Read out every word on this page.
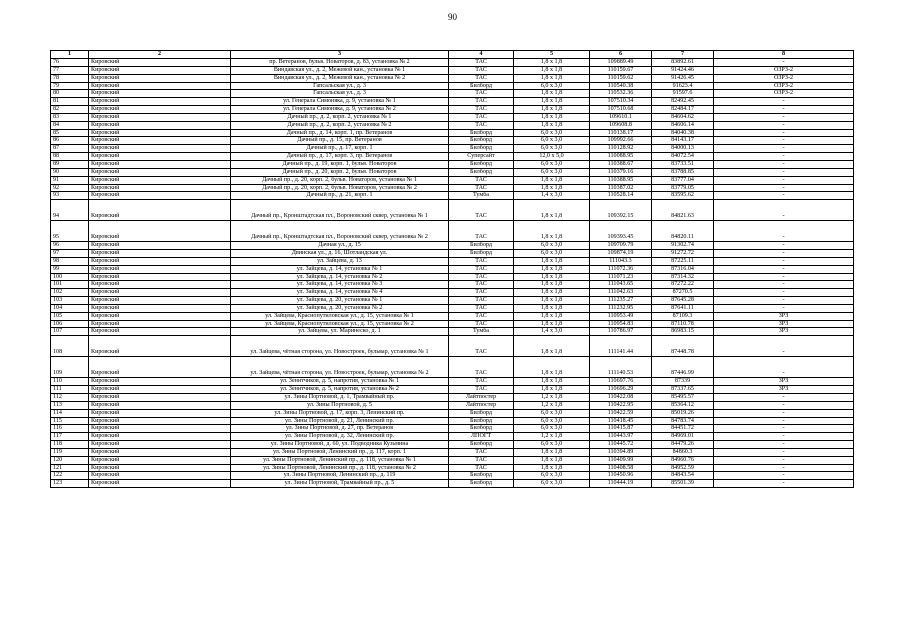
90
1	2	3	4	5	6	7	8
76	Кировский	пр. Ветеранов, бульв. Новаторов, д. 83, установка № 2	ТАС	1,8 x 1,8	109889.49	83892.61	-
77	Кировский	Виндавская ул., д. 2, Межевой кан., установка № 1	ТАС	1,8 x 1,8	110159.67	91424.46	ОЗРЗ-2
78	Кировский	Виндавская ул., д. 2, Межевой кан., установка № 2	ТАС	1,8 x 1,8	110159.62	91426.45	ОЗРЗ-2
79	Кировский	Гапсальская ул., д. 3	Билборд	6,0 x 3,0	110540.38	91623.4	ОЗРЗ-2
80	Кировский	Гапсальская ул., д. 3	ТАС	1,8 x 1,8	110532.36	91597.6	ОЗРЗ-2
81	Кировский	ул. Генерала Симоняка, д. 9, установка № 1	ТАС	1,8 x 1,8	107510.34	82492.45	-
82	Кировский	ул. Генерала Симоняка, д. 9, установка № 2	ТАС	1,8 x 1,8	107510.68	82484.17	-
83	Кировский	Дачный пр., д. 2, корп. 2, установка № 1	ТАС	1,8 x 1,8	109610.1	84604.62	-
84	Кировский	Дачный пр., д. 2, корп. 2, установка № 2	ТАС	1,8 x 1,8	109608.8	84606.14	-
85	Кировский	Дачный пр., д. 14, корп. 1, пр. Ветеранов	Билборд	6,0 x 3,0	110138.17	84040.38	-
86	Кировский	Дачный пр., д. 15, пр. Ветеранов	Билборд	6,0 x 3,0	109992.66	84143.17	-
87	Кировский	Дачный пр., д. 17, корп. 1	Билборд	6,0 x 3,0	110128.92	84000.13	-
88	Кировский	Дачный пр., д. 17, корп. 3, пр. Ветеранов	Суперсайт	12,0 x 5,0	110088.95	84072.54	-
89	Кировский	Дачный пр., д. 19, корп. 1, бульв. Новаторов	Билборд	6,0 x 3,0	110388.67	83733.51	-
90	Кировский	Дачный пр., д. 20, корп. 2, бульв. Новаторов	Билборд	6,0 x 3,0	110379.16	83788.85	-
91	Кировский	Дачный пр., д. 20, корп. 2, бульв. Новаторов, установка № 1	ТАС	1,8 x 1,8	110388.95	83777.04	-
92	Кировский	Дачный пр., д. 20, корп. 2, бульв. Новаторов, установка № 2	ТАС	1,8 x 1,8	110387.02	83779.05	-
93	Кировский	Дачный пр., д. 21, корп. 1	Тумба	1,4 x 3,0	110528.14	83595.62	-
94	Кировский	Дачный пр., Кронштадтская пл., Вороновский сквер, установка № 1	ТАС	1,8 x 1,8	109392.15	84821.63	-
95	Кировский	Дачный пр., Кронштадтская пл., Вороновский сквер, установка № 2	ТАС	1,8 x 1,8	109393.45	84820.11	-
96	Кировский	Дачная ул., д. 15	Билборд	6,0 x 3,0	109709.79	91302.74	-
97	Кировский	Двинская ул., д. 16, Шотландская ул.	Билборд	6,0 x 3,0	109874.19	91272.72	-
98	Кировский	ул. Зайцева, д. 13	ТАС	1,8 x 1,8	111043.3	87225.11	-
99	Кировский	ул. Зайцева, д. 14, установка № 1	ТАС	1,8 x 1,8	111072.36	87316.04	-
100	Кировский	ул. Зайцева, д. 14, установка № 2	ТАС	1,8 x 1,8	111071.23	87314.32	-
101	Кировский	ул. Зайцева, д. 14, установка № 3	ТАС	1,8 x 1,8	111043.65	87272.22	-
102	Кировский	ул. Зайцева, д. 14, установка № 4	ТАС	1,8 x 1,8	111042.63	87270.5	-
103	Кировский	ул. Зайцева, д. 20, установка № 1	ТАС	1,8 x 1,8	111235.27	87645.28	-
104	Кировский	ул. Зайцева, д. 20, установка № 2	ТАС	1,8 x 1,8	111232.95	87641.11	-
105	Кировский	ул. Зайцева, Краснопутиловская ул., д. 15, установка № 1	ТАС	1,8 x 1,8	110953.49	87109.3	ЗРЗ
106	Кировский	ул. Зайцева, Краснопутиловская ул., д. 15, установка № 2	ТАС	1,8 x 1,8	110954.83	87110.78	ЗРЗ
107	Кировский	ул. Зайцева, ул. Маринеско, д. 1	Тумба	1,4 x 3,0	110786.97	86983.15	ЗРЗ
108	Кировский	ул. Зайцева, чётная сторона, ул. Новостроек, бульвар, установка № 1	ТАС	1,8 x 1,8	111141.44	87448.78	-
109	Кировский	ул. Зайцева, чётная сторона, ул. Новостроек, бульвар, установка № 2	ТАС	1,8 x 1,8	111140.53	87446.99	-
110	Кировский	ул. Зенитчиков, д. 5, напротив, установка № 1	ТАС	1,8 x 1,8	110697.76	87339	ЗРЗ
111	Кировский	ул. Зенитчиков, д. 5, напротив, установка № 2	ТАС	1,8 x 1,8	110696.29	87337.65	ЗРЗ
112	Кировский	ул. Зины Портновой, д. 1, Трамвайный пр.	Лайтпостер	1,2 x 1,8	110422.08	85495.57	-
113	Кировский	ул. Зины Портновой, д. 5	Лайтпостер	1,2 x 1,8	110422.95	85364.12	-
114	Кировский	ул. Зины Портновой, д. 17, корп. 3, Ленинский пр.	Билборд	6,0 x 3,0	110422.59	85019.26	-
115	Кировский	ул. Зины Портновой, д. 21, Ленинский пр.	Билборд	6,0 x 3,0	110418.45	84783.74	-
116	Кировский	ул. Зины Портновой, д. 27, пр. Ветеранов	Билборд	6,0 x 3,0	110415.87	84451.72	-
117	Кировский	ул. Зины Портновой, д. 32, Ленинский пр.	ЛПОГТ	1,2 x 1,8	110443.97	84969.01	-
118	Кировский	ул. Зины Портновой, д. 60, ул. Подводника Кузьмина	Билборд	6,0 x 3,0	110445.72	84479.26	-
119	Кировский	ул. Зины Портновой, Ленинский пр., д. 117, корп. 1	ТАС	1,8 x 1,8	110394.89	84860.3	-
120	Кировский	ул. Зины Портновой, Ленинский пр., д. 118, установка № 1	ТАС	1,8 x 1,8	110409.99	84960.76	-
121	Кировский	ул. Зины Портновой, Ленинский пр., д. 118, установка № 2	ТАС	1,8 x 1,8	110408.58	84952.59	-
122	Кировский	ул. Зины Портновой, Ленинский пр., д. 119	Билборд	6,0 x 3,0	110450.96	84843.54	-
123	Кировский	ул. Зины Портновой, Трамвайный пр., д. 5	Билборд	6,0 x 3,0	110444.19	85501.39	-
